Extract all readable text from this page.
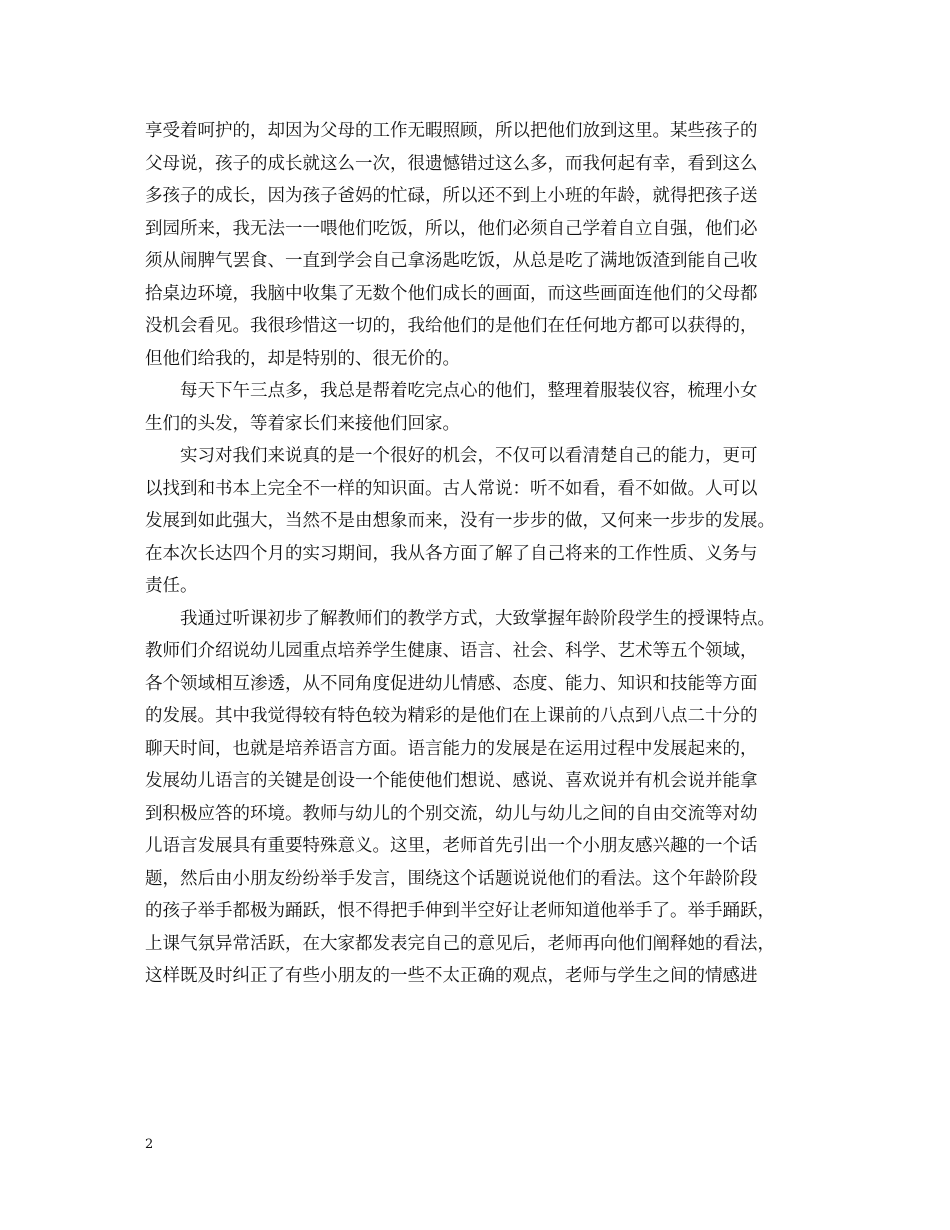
享受着呵护的，却因为父母的工作无暇照顾，所以把他们放到这里。某些孩子的
父母说，孩子的成长就这么一次，很遗憾错过这么多，而我何起有幸，看到这么
多孩子的成长，因为孩子爸妈的忙碌，所以还不到上小班的年龄，就得把孩子送
到园所来，我无法一一喂他们吃饭，所以，他们必须自己学着自立自强，他们必
须从闹脾气罢食、一直到学会自己拿汤匙吃饭，从总是吃了满地饭渣到能自己收
拾桌边环境，我脑中收集了无数个他们成长的画面，而这些画面连他们的父母都
没机会看见。我很珍惜这一切的，我给他们的是他们在任何地方都可以获得的，
但他们给我的，却是特别的、很无价的。
每天下午三点多，我总是帮着吃完点心的他们，整理着服装仪容，梳理小女
生们的头发，等着家长们来接他们回家。
实习对我们来说真的是一个很好的机会，不仅可以看清楚自己的能力，更可
以找到和书本上完全不一样的知识面。古人常说：听不如看，看不如做。人可以
发展到如此强大，当然不是由想象而来，没有一步步的做，又何来一步步的发展。
在本次长达四个月的实习期间，我从各方面了解了自己将来的工作性质、义务与
责任。
我通过听课初步了解教师们的教学方式，大致掌握年龄阶段学生的授课特点。
教师们介绍说幼儿园重点培养学生健康、语言、社会、科学、艺术等五个领域，
各个领域相互渗透，从不同角度促进幼儿情感、态度、能力、知识和技能等方面
的发展。其中我觉得较有特色较为精彩的是他们在上课前的八点到八点二十分的
聊天时间，也就是培养语言方面。语言能力的发展是在运用过程中发展起来的，
发展幼儿语言的关键是创设一个能使他们想说、感说、喜欢说并有机会说并能拿
到积极应答的环境。教师与幼儿的个别交流，幼儿与幼儿之间的自由交流等对幼
儿语言发展具有重要特殊意义。这里，老师首先引出一个小朋友感兴趣的一个话
题，然后由小朋友纷纷举手发言，围绕这个话题说说他们的看法。这个年龄阶段
的孩子举手都极为踊跃，恨不得把手伸到半空好让老师知道他举手了。举手踊跃，
上课气氛异常活跃，在大家都发表完自己的意见后，老师再向他们阐释她的看法，
这样既及时纠正了有些小朋友的一些不太正确的观点，老师与学生之间的情感进
2
